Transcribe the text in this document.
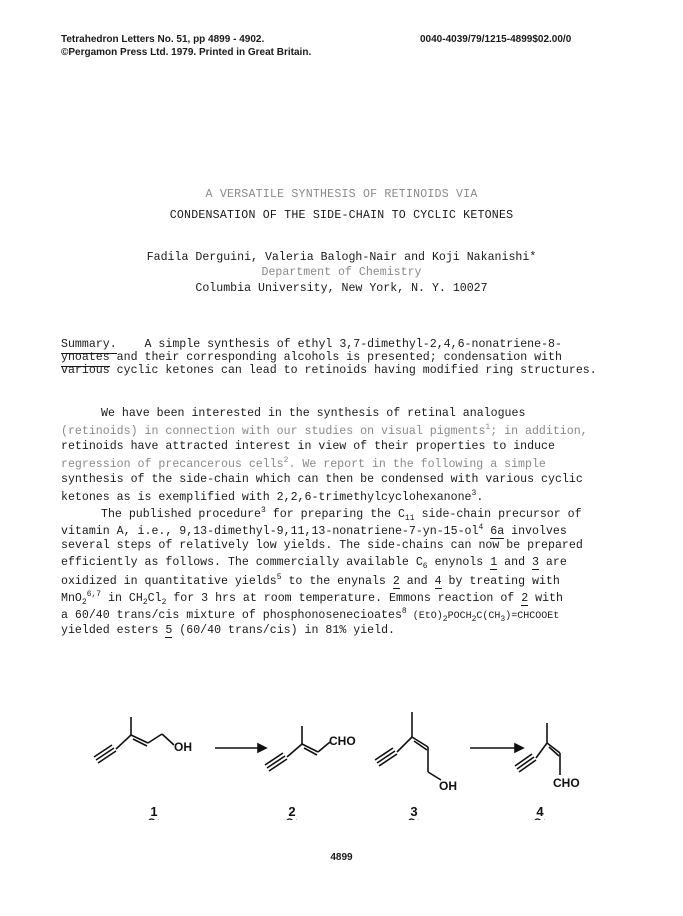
Tetrahedron Letters No. 51, pp 4899 - 4902.
©Pergamon Press Ltd. 1979. Printed in Great Britain.
0040-4039/79/1215-4899$02.00/0
A VERSATILE SYNTHESIS OF RETINOIDS VIA
CONDENSATION OF THE SIDE-CHAIN TO CYCLIC KETONES
Fadila Derguini, Valeria Balogh-Nair and Koji Nakanishi*
Department of Chemistry
Columbia University, New York, N. Y. 10027
Summary. A simple synthesis of ethyl 3,7-dimethyl-2,4,6-nonatriene-8-
ynoates and their corresponding alcohols is presented; condensation with
various cyclic ketones can lead to retinoids having modified ring structures.
We have been interested in the synthesis of retinal analogues
(retinoids) in connection with our studies on visual pigments$^1$; in addition,
retinoids have attracted interest in view of their properties to induce
regression of precancerous cells$^2$. We report in the following a simple
synthesis of the side-chain which can then be condensed with various cyclic
ketones as is exemplified with 2,2,6-trimethylcyclohexanone$^3$.
The published procedure$^3$ for preparing the $C_{11}$ side-chain precursor of
vitamin A, i.e., $9,13-dimethyl-9,11,13-nonatriene-7-yn-15-ol^4$ 6a involves
several steps of relatively low yields. The side-chains can now be prepared
efficiently as follows. The commercially available $C_6$ enynols 1 and 3 are
oxidized in quantitative yields$^5$ to the enynals 2 and 4 by treating with
MnO$_2^{6,7}$ in $CH_2Cl_2$ for 3 hrs at room temperature. Emmons reaction of 2 with
a 60/40 trans/cis mixture of phosphonosenecioates$^8$ $(EtO)_2POCH_2C(CH_3)=CHCOOEt$
yielded esters 5 (60/40 trans/cis) in 81% yield.
OH	CHO
OH	CHO
1	2	3	4
4899
